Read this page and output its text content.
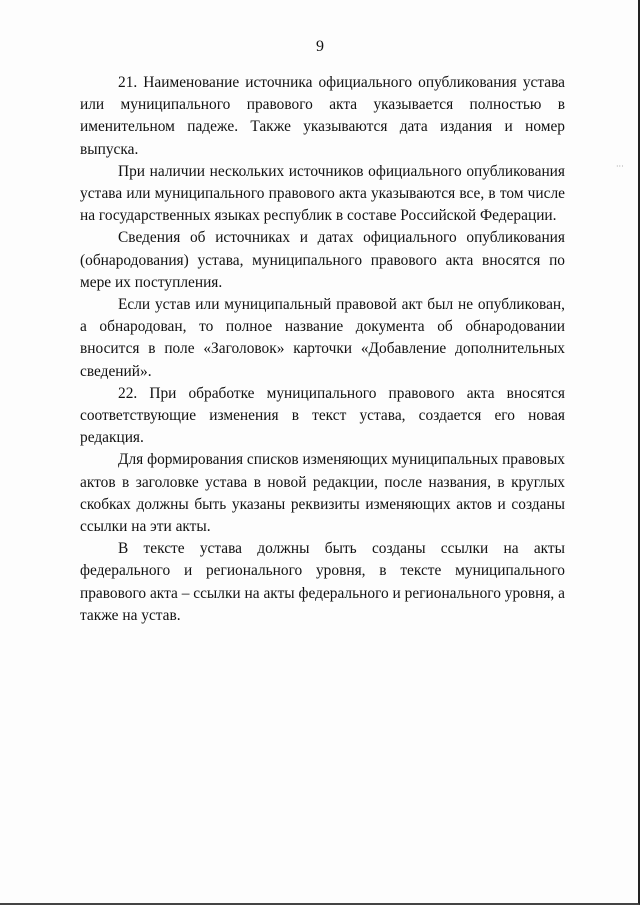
9
·‧·

21. Наименование источника официального опубликования устава или муниципального правового акта указывается полностью в именительном падеже. Также указываются дата издания и номер выпуска.

При наличии нескольких источников официального опубликования устава или муниципального правового акта указываются все, в том числе на государственных языках республик в составе Российской Федерации.

Сведения об источниках и датах официального опубликования (обнародования) устава, муниципального правового акта вносятся по мере их поступления.

Если устав или муниципальный правовой акт был не опубликован, а обнародован, то полное название документа об обнародовании вносится в поле «Заголовок» карточки «Добавление дополнительных сведений».

22. При обработке муниципального правового акта вносятся соответствующие изменения в текст устава, создается его новая редакция.

Для формирования списков изменяющих муниципальных правовых актов в заголовке устава в новой редакции, после названия, в круглых скобках должны быть указаны реквизиты изменяющих актов и созданы ссылки на эти акты.

В тексте устава должны быть созданы ссылки на акты федерального и регионального уровня, в тексте муниципального правового акта – ссылки на акты федерального и регионального уровня, а также на устав.
